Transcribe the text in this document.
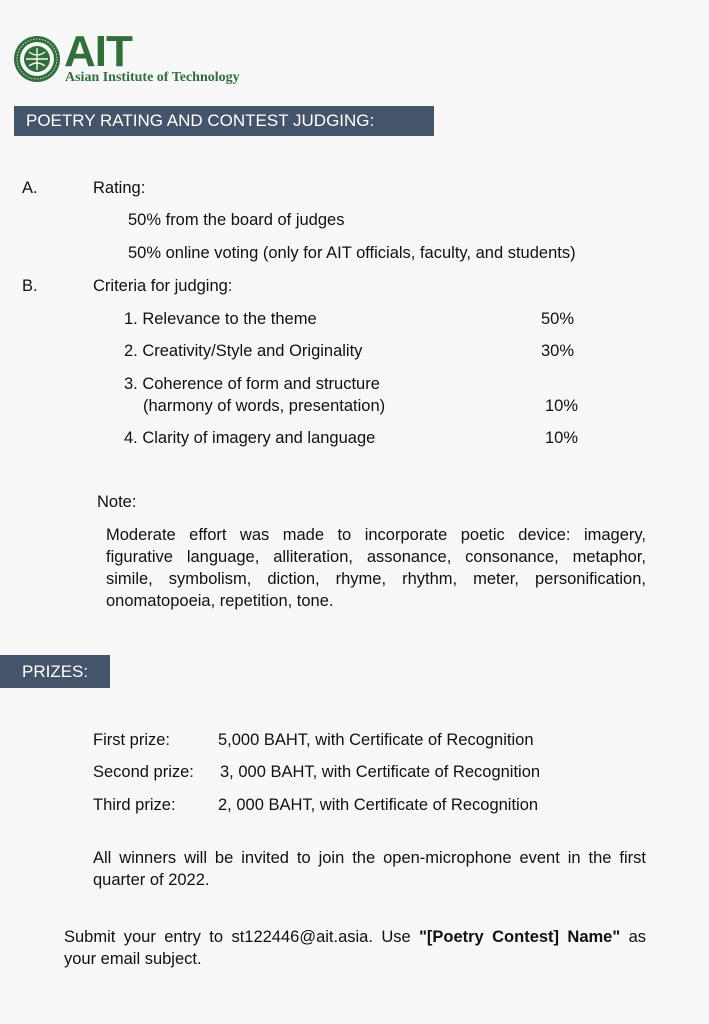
AIT
Asian Institute of Technology
POETRY RATING AND CONTEST JUDGING:
A.	Rating:
50% from the board of judges
50% online voting (only for AIT officials, faculty, and students)
B.	Criteria for judging:
1. Relevance to the theme	50%
2. Creativity/Style and Originality	30%
3. Coherence of form and structure
(harmony of words, presentation)	10%
4. Clarity of imagery and language	10%
Note:
Moderate effort was made to incorporate poetic device: imagery, figurative language, alliteration, assonance, consonance, metaphor, simile, symbolism, diction, rhyme, rhythm, meter, personification, onomatopoeia, repetition, tone.
PRIZES:
First prize:	5,000 BAHT, with Certificate of Recognition
Second prize: 3, 000 BAHT, with Certificate of Recognition
Third prize:	2, 000 BAHT, with Certificate of Recognition
All winners will be invited to join the open-microphone event in the first quarter of 2022.
Submit your entry to st122446@ait.asia. Use "[Poetry Contest] Name" as your email subject.
